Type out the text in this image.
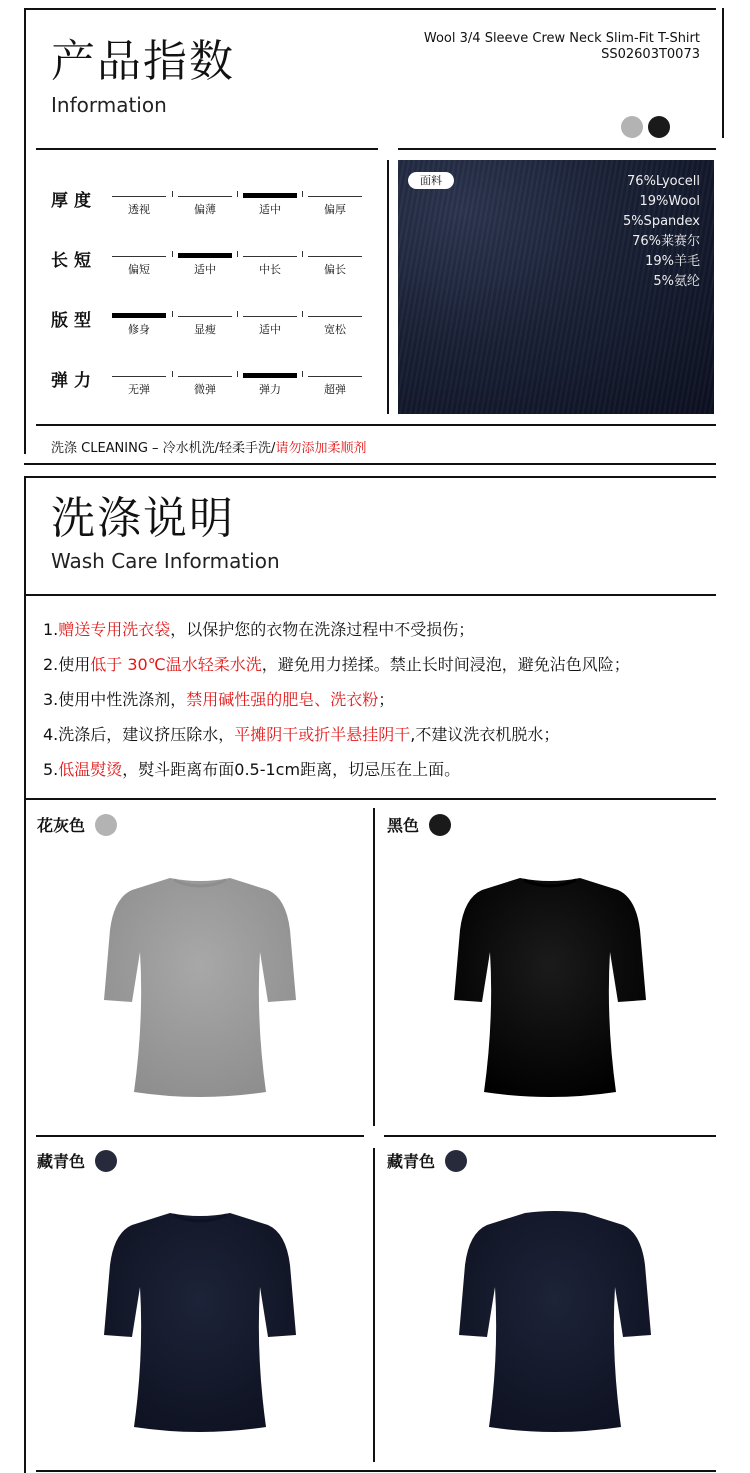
产品指数
Information
Wool 3/4 Sleeve Crew Neck Slim-Fit T-Shirt
SS02603T0073
厚度	透视	偏薄	适中	偏厚
长短	偏短	适中	中长	偏长
版型	修身	显瘦	适中	宽松
弹力	无弹	微弹	弹力	超弹
面料	76%Lyocell
19%Wool
5%Spandex
76%莱赛尔
19%羊毛
5%氨纶
洗涤 CLEANING – 冷水机洗/轻柔手洗/请勿添加柔顺剂
洗涤说明
Wash Care Information
1.赠送专用洗衣袋，以保护您的衣物在洗涤过程中不受损伤；
2.使用低于 30℃温水轻柔水洗，避免用力搓揉。禁止长时间浸泡，避免沾色风险；
3.使用中性洗涤剂，禁用碱性强的肥皂、洗衣粉；
4.洗涤后，建议挤压除水，平摊阴干或折半悬挂阴干,不建议洗衣机脱水；
5.低温熨烫，熨斗距离布面0.5-1cm距离，切忌压在上面。
花灰色	黑色
藏青色	藏青色
